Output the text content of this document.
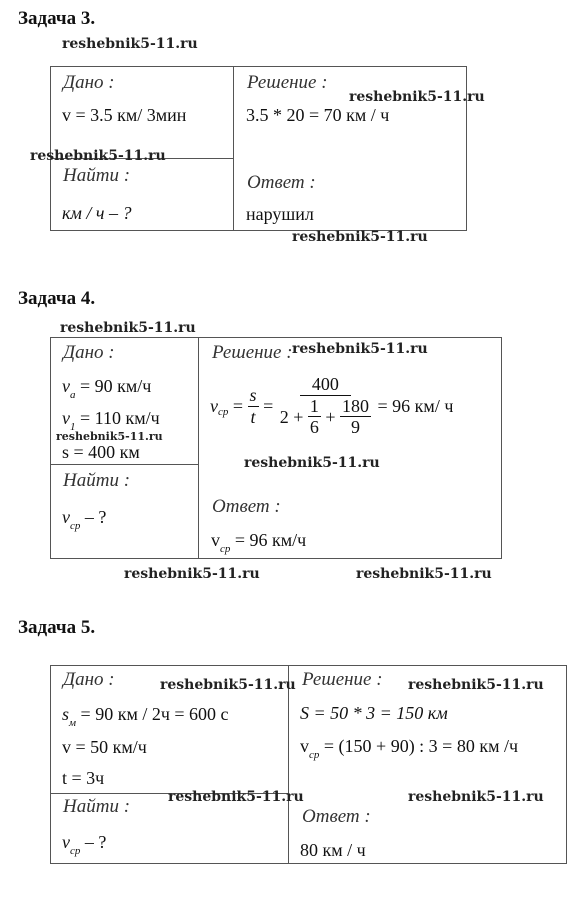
Задача 3.
reshebnik5-11.ru
Дано :
v = 3.5 км/ 3мин
reshebnik5-11.ru
Найти :
км / ч – ?
Решение :
reshebnik5-11.ru
3.5 * 20 = 70 км / ч
Ответ :
нарушил
reshebnik5-11.ru
Задача 4.
reshebnik5-11.ru
Дано :
$v_a = 90$ км/ч
$v_1 = 110$ км/ч
reshebnik5-11.ru
s = 400 км
Найти :
$v_{ср}$ – ?
Решение : reshebnik5-11.ru
v ср = $\frac{s}{t} = \frac{400}{2 + \frac{1}{6} + \frac{180}{9}} = 96$ км/ ч
reshebnik5-11.ru
Ответ :
$v_{ср} = 96$ км/ч
reshebnik5-11.ru	reshebnik5-11.ru
Задача 5.
Дано :	reshebnik5-11.ru
$s_м = 90$ км / 2ч = 600 с
v = 50 км/ч
t = 3ч
Найти :	reshebnik5-11.ru
$v_{ср}$ – ?
Решение : reshebnik5-11.ru
S = 50 * 3 = 150 км
$v_{ср} = (150 + 90)$ : 3 = 80 км /ч
reshebnik5-11.ru
Ответ :
80 км / ч
